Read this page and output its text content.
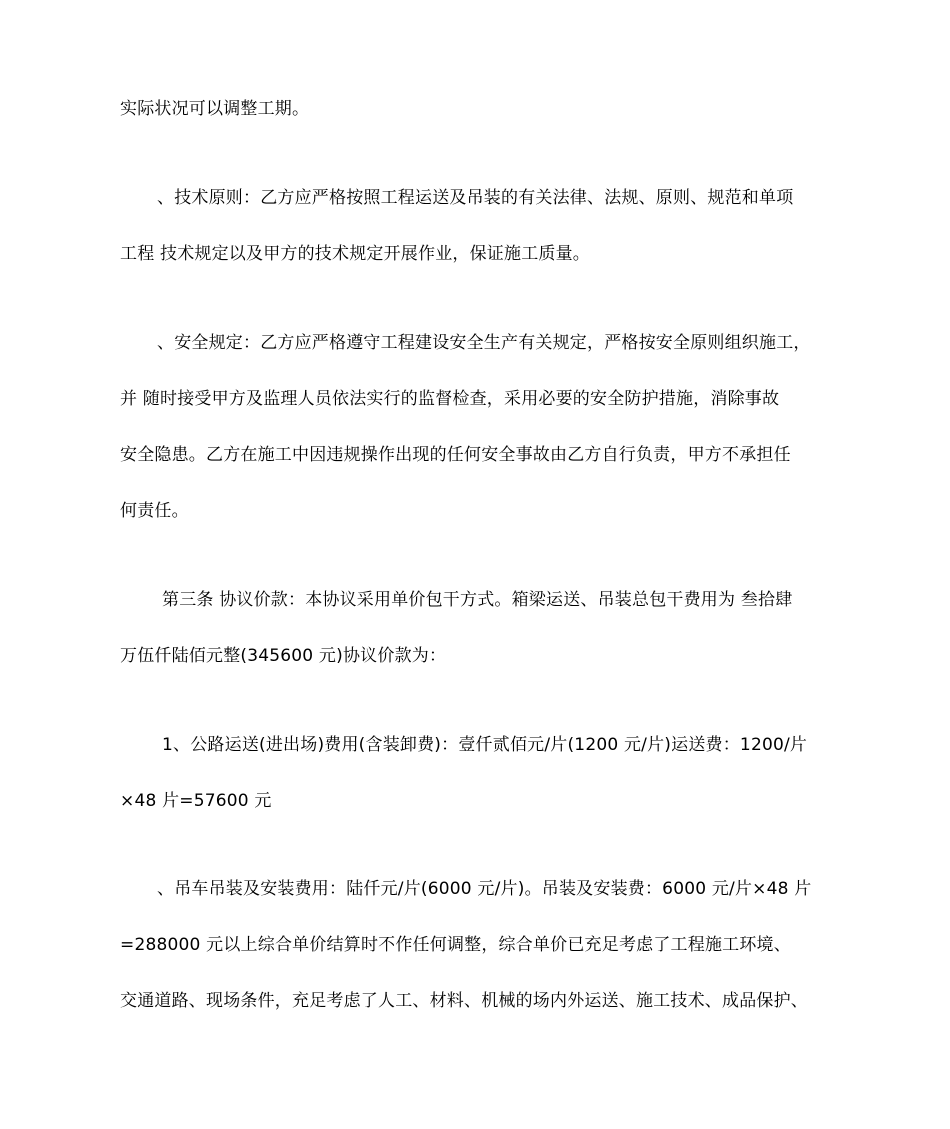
实际状况可以调整工期。
、技术原则：乙方应严格按照工程运送及吊装的有关法律、法规、原则、规范和单项
工程 技术规定以及甲方的技术规定开展作业，保证施工质量。
、安全规定：乙方应严格遵守工程建设安全生产有关规定，严格按安全原则组织施工，
并 随时接受甲方及监理人员依法实行的监督检查，采用必要的安全防护措施，消除事故
安全隐患。乙方在施工中因违规操作出现的任何安全事故由乙方自行负责，甲方不承担任
何责任。
第三条 协议价款：本协议采用单价包干方式。箱梁运送、吊装总包干费用为 叁拾肆
万伍仟陆佰元整(345600 元)协议价款为：
1、公路运送(进出场)费用(含装卸费)：壹仟贰佰元/片(1200 元/片)运送费：1200/片
×48 片=57600 元
、吊车吊装及安装费用：陆仟元/片(6000 元/片)。吊装及安装费：6000 元/片×48 片
=288000 元以上综合单价结算时不作任何调整，综合单价已充足考虑了工程施工环境、
交通道路、现场条件，充足考虑了人工、材料、机械的场内外运送、施工技术、成品保护、
